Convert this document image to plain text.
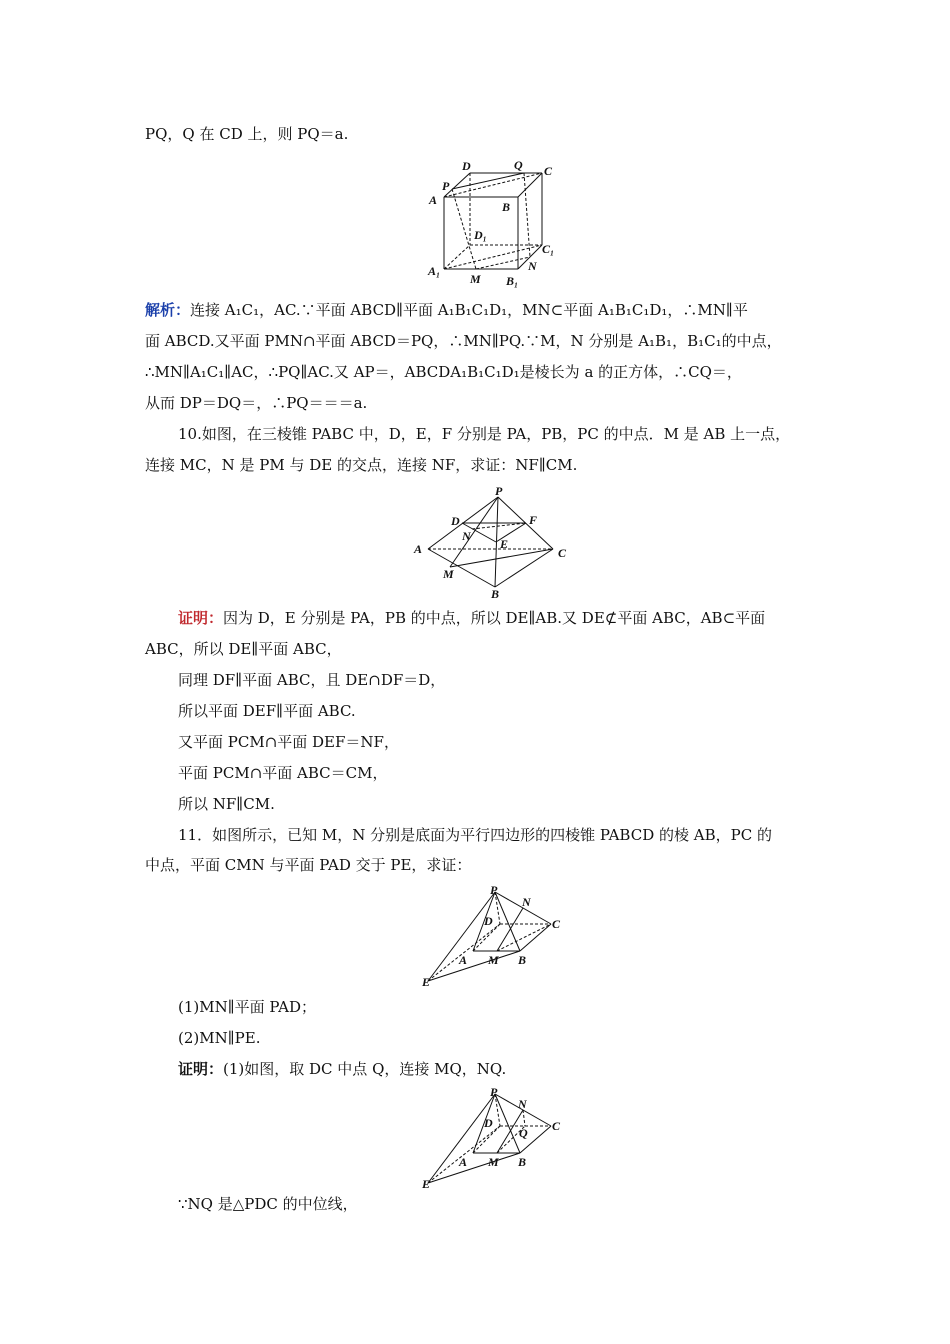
PQ，Q 在 CD 上，则 PQ＝a.
D	Q C
P
A	B
D₁
C₁
N
A₁
M B₁
解析：连接 A₁C₁，AC.∵平面 ABCD∥平面 A₁B₁C₁D₁，MN⊂平面 A₁B₁C₁D₁，∴MN∥平
面 ABCD.又平面 PMN∩平面 ABCD＝PQ，∴MN∥PQ.∵M，N 分别是 A₁B₁，B₁C₁的中点，
∴MN∥A₁C₁∥AC，∴PQ∥AC.又 AP＝，ABCDA₁B₁C₁D₁是棱长为 a 的正方体，∴CQ＝，
从而 DP＝DQ＝，∴PQ＝＝＝a.
10.如图，在三棱锥 PABC 中，D，E，F 分别是 PA，PB，PC 的中点．M 是 AB 上一点，
连接 MC，N 是 PM 与 DE 的交点，连接 NF，求证：NF∥CM.
P
D	F
N
E
A	C
M
B
证明：因为 D，E 分别是 PA，PB 的中点，所以 DE∥AB.又 DE⊄平面 ABC，AB⊂平面
ABC，所以 DE∥平面 ABC，
同理 DF∥平面 ABC，且 DE∩DF＝D，
所以平面 DEF∥平面 ABC.
又平面 PCM∩平面 DEF＝NF，
平面 PCM∩平面 ABC＝CM，
所以 NF∥CM.
11．如图所示，已知 M，N 分别是底面为平行四边形的四棱锥 PABCD 的棱 AB，PC 的
中点，平面 CMN 与平面 PAD 交于 PE，求证：
P
N
D	C
A M B
E
(1)MN∥平面 PAD；
(2)MN∥PE.
证明：(1)如图，取 DC 中点 Q，连接 MQ，NQ.
P
N
D
Q C
A M B
E
∵NQ 是△PDC 的中位线，
